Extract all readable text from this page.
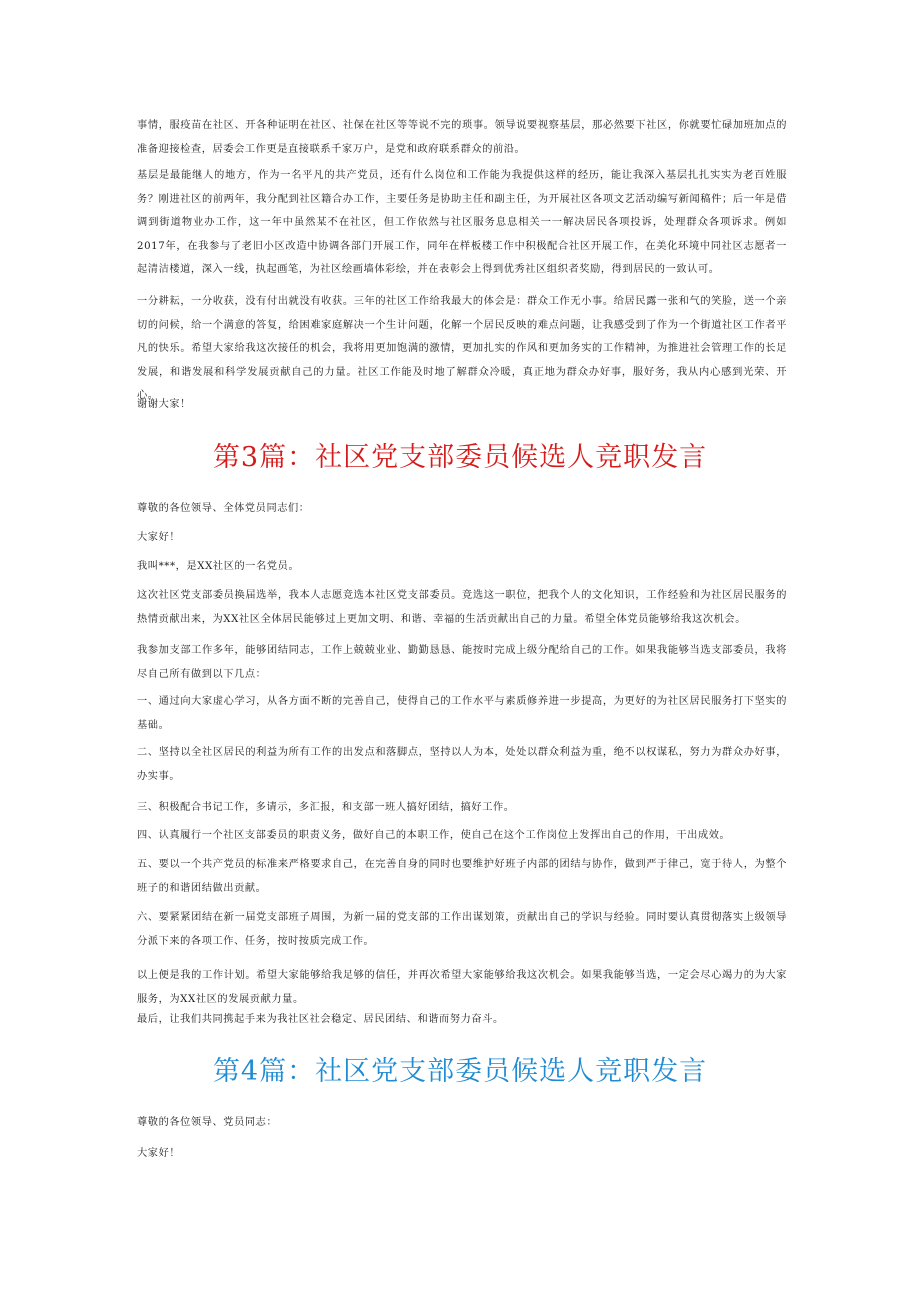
事情，服疫苗在社区、开各种证明在社区、社保在社区等等说不完的琐事。领导说要视察基层，那必然要下社区，你就要忙碌加班加点的准备迎接检查，居委会工作更是直接联系千家万户，是党和政府联系群众的前沿。

基层是最能继人的地方，作为一名平凡的共产党员，还有什么岗位和工作能为我提供这样的经历，能让我深入基层扎扎实实为老百姓服务？刚进社区的前两年，我分配到社区籍合办工作，主要任务是协助主任和副主任，为开展社区各项文艺活动编写新闻稿件；后一年是借调到街道物业办工作，这一年中虽然某不在社区，但工作依然与社区服务息息相关一一解决居民各项投诉，处理群众各项诉求。例如2017年，在我参与了老旧小区改造中协调各部门开展工作，同年在样板楼工作中积极配合社区开展工作，在美化环境中同社区志愿者一起清洁楼道，深入一线，执起画笔，为社区绘画墙体彩绘，并在表彰会上得到优秀社区组织者奖励，得到居民的一致认可。

一分耕耘，一分收获，没有付出就没有收获。三年的社区工作给我最大的体会是：群众工作无小事。给居民露一张和气的笑脸，送一个亲切的问候，给一个满意的答复，给困难家庭解决一个生计问题，化解一个居民反映的难点问题，让我感受到了作为一个街道社区工作者平凡的快乐。希望大家给我这次接任的机会，我将用更加饱满的激情，更加扎实的作风和更加务实的工作精神，为推进社会管理工作的长足发展，和谐发展和科学发展贡献自己的力量。社区工作能及时地了解群众冷暖，真正地为群众办好事，服好务，我从内心感到光荣、开心。

谢谢大家！

第3篇：社区党支部委员候选人竞职发言

尊敬的各位领导、全体党员同志们：

大家好！

我叫***，是XX社区的一名党员。

这次社区党支部委员换届选举，我本人志愿竞选本社区党支部委员。竞选这一职位，把我个人的文化知识，工作经验和为社区居民服务的热情贡献出来，为XX社区全体居民能够过上更加文明、和谐、幸福的生活贡献出自己的力量。希望全体党员能够给我这次机会。

我参加支部工作多年，能够团结同志，工作上兢兢业业、勤勤恳恳、能按时完成上级分配给自己的工作。如果我能够当选支部委员，我将尽自己所有做到以下几点：

一、通过向大家虚心学习，从各方面不断的完善自己，使得自己的工作水平与素质修养进一步提高，为更好的为社区居民服务打下坚实的基础。

二、坚持以全社区居民的利益为所有工作的出发点和落脚点，坚持以人为本，处处以群众利益为重，绝不以权谋私，努力为群众办好事，办实事。

三、积极配合书记工作，多请示，多汇报，和支部一班人搞好团结，搞好工作。

四、认真履行一个社区支部委员的职责义务，做好自己的本职工作，使自己在这个工作岗位上发挥出自己的作用，干出成效。

五、要以一个共产党员的标准来严格要求自己，在完善自身的同时也要维护好班子内部的团结与协作，做到严于律己，宽于待人，为整个班子的和谐团结做出贡献。

六、要紧紧团结在新一届党支部班子周围，为新一届的党支部的工作出谋划策，贡献出自己的学识与经验。同时要认真贯彻落实上级领导分派下来的各项工作、任务，按时按质完成工作。

以上便是我的工作计划。希望大家能够给我足够的信任，并再次希望大家能够给我这次机会。如果我能够当选，一定会尽心竭力的为大家服务，为XX社区的发展贡献力量。

最后，让我们共同携起手来为我社区社会稳定、居民团结、和谐而努力奋斗。

第4篇：社区党支部委员候选人竞职发言

尊敬的各位领导、党员同志：

大家好！
